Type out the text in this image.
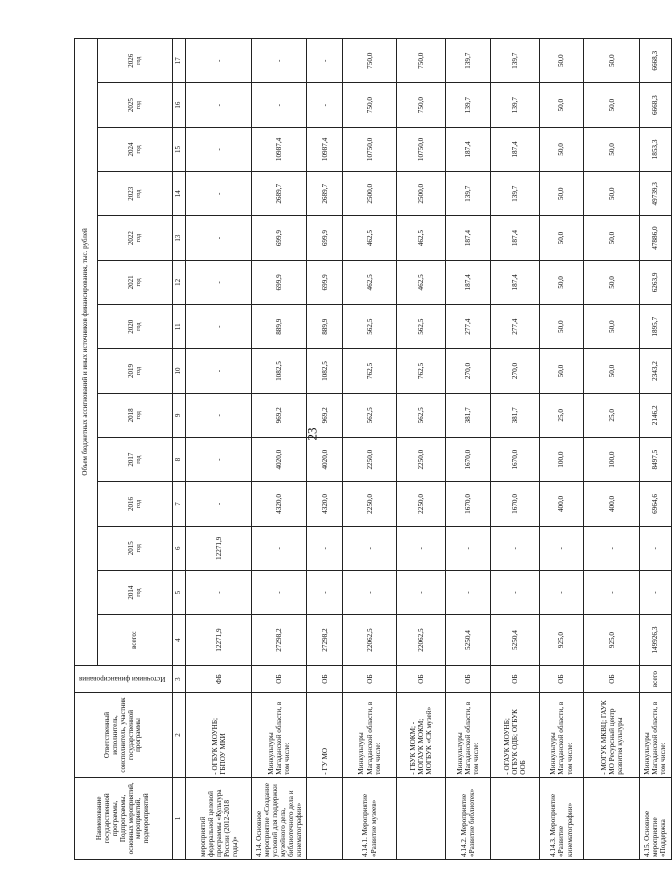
23
Наименование государственной программы, Подпрограммы, основных мероприятий, мероприятий, подмероприятий	Ответственный исполнитель, соисполнитель, участник государственной программы	Источники финансирования	Объем бюджетных ассигнований и иных источников финансирования, тыс. рублей													
			всего:	2014 год	2015 год	2016 год	2017 год	2018 год	2019 год	2020 год	2021 год	2022 год	2023 год	2024 год	2025 год	2026 год

1	2	3	4	5	6	7	8	9	10	11	12	13	14	15	16	17
мероприятий федеральной целевой программы «Культура России (2012-2018 годы)»	- ОГБУК МОУНБ; ГБПОУ МКИ	ФБ	12271,9	-	12271,9	-	-	-	-	-	-	-	-	-	-	-
4.14. Основное мероприятие «Создание условий для поддержки музейного дела, библиотечного дела и кинематографии»	Минкультуры Магаданской области, в том числе:	ОБ	27298,2	-	-	4320,0	4020,0	969,2	1082,5	889,9	699,9	699,9	2689,7	10987,4	-	-
	- ГУ МО	ОБ	27298,2	-	-	4320,0	4020,0	969,2	1082,5	889,9	699,9	699,9	2689,7	10987,4	-	-
4.14.1. Мероприятие «Развитие музеев»	Минкультуры Магаданской области, в том числе:	ОБ	22062,5	-	-	2250,0	2250,0	562,5	762,5	562,5	462,5	462,5	2500,0	10750,0	750,0	750,0
	- ГБУК МОКМ; - МОГАУК МОКМ; МОГБУК «СК музей»	ОБ	22062,5	-	-	2250,0	2250,0	562,5	762,5	562,5	462,5	462,5	2500,0	10750,0	750,0	750,0
4.14.2. Мероприятие «Развитие библиотек»	Минкультуры Магаданской области, в том числе:	ОБ	5250,4	-	-	1670,0	1670,0	381,7	270,0	277,4	187,4	187,4	139,7	187,4	139,7	139,7
	- ОГАУК МОУНБ; ОГБУК ОДБ; ОГБУК ООБ	ОБ	5250,4	-	-	1670,0	1670,0	381,7	270,0	277,4	187,4	187,4	139,7	187,4	139,7	139,7
4.14.3. Мероприятие «Развитие кинематографии»	Минкультуры Магаданской области, в том числе:	ОБ	925,0	-	-	400,0	100,0	25,0	50,0	50,0	50,0	50,0	50,0	50,0	50,0	50,0
	- МОГУК МКВЦ; ГАУК МО Ресурсный центр развития культуры	ОБ	925,0	-	-	400,0	100,0	25,0	50,0	50,0	50,0	50,0	50,0	50,0	50,0	50,0
4.15. Основное мероприятие «Поддержка	Минкультуры Магаданской области, в том числе:	всего	149926,3	-	-	6964,6	8497,5	2146,2	2343,2	1895,7	6263,9	47886,0	49739,3	1853,3	6668,3	6668,3
